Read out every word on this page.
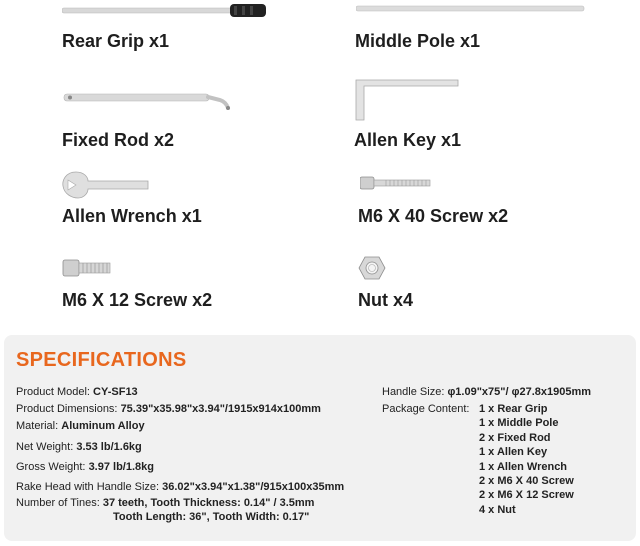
Rear Grip x1	Middle Pole x1
Fixed Rod x2	Allen Key x1
Allen Wrench x1	M6 X 40 Screw x2
M6 X 12 Screw x2	Nut x4
SPECIFICATIONS
Product Model: CY-SF13
Product Dimensions: 75.39"x35.98"x3.94"/1915x914x100mm
Material: Aluminum Alloy
Net Weight: 3.53 lb/1.6kg
Gross Weight: 3.97 lb/1.8kg
Rake Head with Handle Size: 36.02"x3.94"x1.38"/915x100x35mm
Number of Tines: 37 teeth, Tooth Thickness: 0.14" / 3.5mm
Tooth Length: 36", Tooth Width: 0.17"
Handle Size: φ1.09"x75"/ φ27.8x1905mm
Package Content: 1 x Rear Grip
1 x Middle Pole
2 x Fixed Rod
1 x Allen Key
1 x Allen Wrench
2 x M6 X 40 Screw
2 x M6 X 12 Screw
4 x Nut
